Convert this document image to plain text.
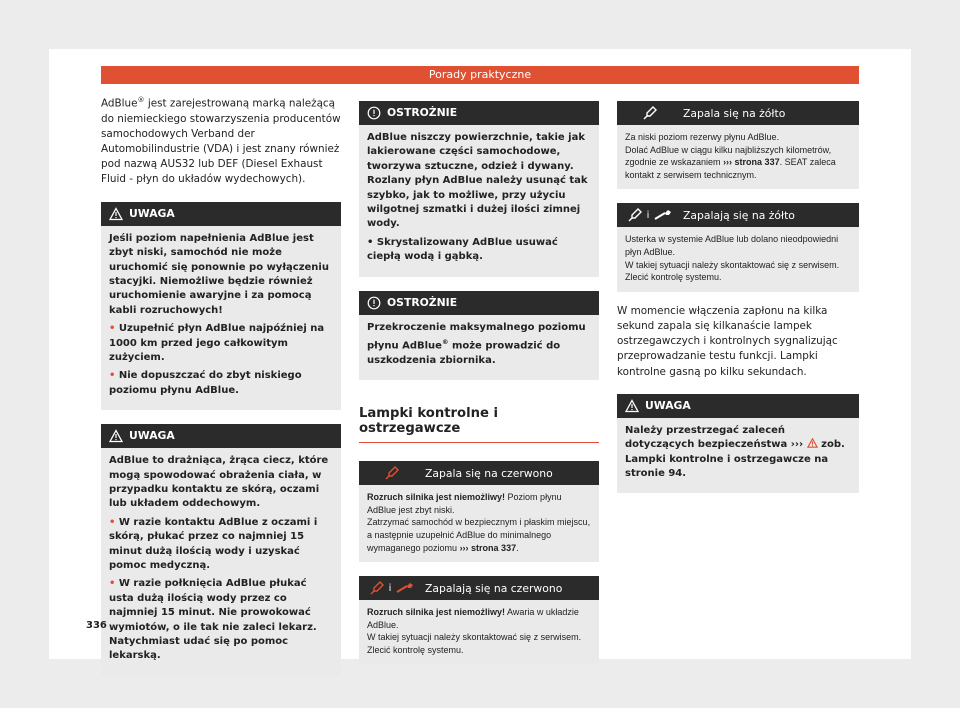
Porady praktyczne

AdBlue® jest zarejestrowaną marką należącą do niemieckiego stowarzyszenia producentów samochodowych Verband der Automobilindustrie (VDA) i jest znany również pod nazwą AUS32 lub DEF (Diesel Exhaust Fluid - płyn do układów wydechowych).

UWAGA

Jeśli poziom napełnienia AdBlue jest zbyt niski, samochód nie może uruchomić się ponownie po wyłączeniu stacyjki. Niemożliwe będzie również uruchomienie awaryjne i za pomocą kabli rozruchowych!

• Uzupełnić płyn AdBlue najpóźniej na 1000 km przed jego całkowitym zużyciem.

• Nie dopuszczać do zbyt niskiego poziomu płynu AdBlue.

UWAGA

AdBlue to drażniąca, żrąca ciecz, które mogą spowodować obrażenia ciała, w przypadku kontaktu ze skórą, oczami lub układem oddechowym.

• W razie kontaktu AdBlue z oczami i skórą, płukać przez co najmniej 15 minut dużą ilością wody i uzyskać pomoc medyczną.

• W razie połknięcia AdBlue płukać usta dużą ilością wody przez co najmniej 15 minut. Nie prowokować wymiotów, o ile tak nie zaleci lekarz. Natychmiast udać się po pomoc lekarską.

OSTROŻNIE

AdBlue niszczy powierzchnie, takie jak lakierowane części samochodowe, tworzywa sztuczne, odzież i dywany. Rozlany płyn AdBlue należy usunąć tak szybko, jak to możliwe, przy użyciu wilgotnej szmatki i dużej ilości zimnej wody.

• Skrystalizowany AdBlue usuwać ciepłą wodą i gąbką.

OSTROŻNIE

Przekroczenie maksymalnego poziomu płynu AdBlue® może prowadzić do uszkodzenia zbiornika.

Lampki kontrolne i ostrzegawcze
Zapala się na czerwono
Rozruch silnika jest niemożliwy! Poziom płynu AdBlue jest zbyt niski.
Zatrzymać samochód w bezpiecznym i płaskim miejscu, a następnie uzupełnić AdBlue do minimalnego wymaganego poziomu ››› strona 337.
i	Zapalają się na czerwono
Rozruch silnika jest niemożliwy! Awaria w układzie AdBlue.
W takiej sytuacji należy skontaktować się z serwisem.
Zlecić kontrolę systemu.
Zapala się na żółto
Za niski poziom rezerwy płynu AdBlue.
Dolać AdBlue w ciągu kilku najbliższych kilometrów, zgodnie ze wskazaniem ››› strona 337. SEAT zaleca kontakt z serwisem technicznym.
i	Zapalają się na żółto
Usterka w systemie AdBlue lub dolano nieodpowiedni płyn AdBlue.
W takiej sytuacji należy skontaktować się z serwisem.
Zlecić kontrolę systemu.

W momencie włączenia zapłonu na kilka sekund zapala się kilkanaście lampek ostrzegawczych i kontrolnych sygnalizując przeprowadzanie testu funkcji. Lampki kontrolne gasną po kilku sekundach.

UWAGA

Należy przestrzegać zaleceń dotyczących bezpieczeństwa ›››  zob. Lampki kontrolne i ostrzegawcze na stronie 94.

336
